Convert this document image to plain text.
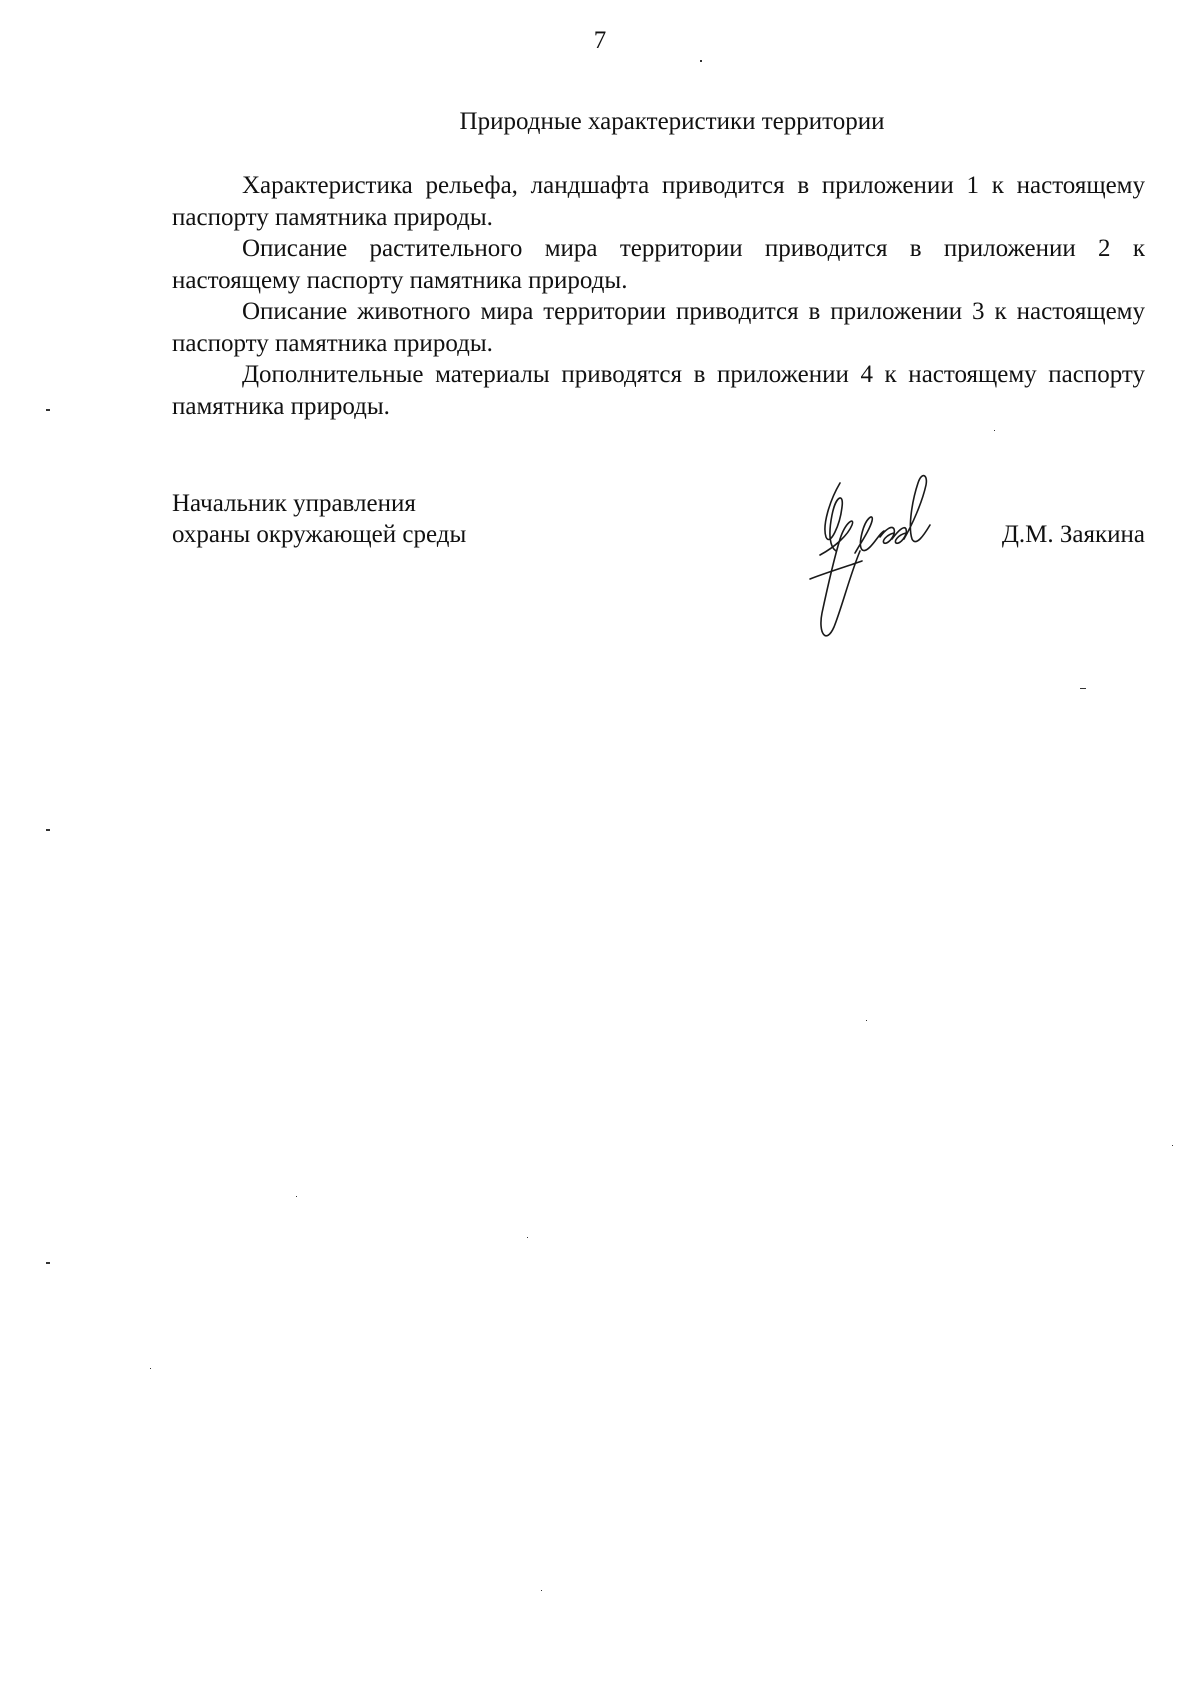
7
Природные характеристики территории

Характеристика рельефа, ландшафта приводится в приложении 1 к настоящему паспорту памятника природы.

Описание растительного мира территории приводится в приложении 2 к настоящему паспорту памятника природы.

Описание животного мира территории приводится в приложении 3 к настоящему паспорту памятника природы.

Дополнительные материалы приводятся в приложении 4 к настоящему паспорту памятника природы.

Начальник управления
охраны окружающей среды	Д.М. Заякина
